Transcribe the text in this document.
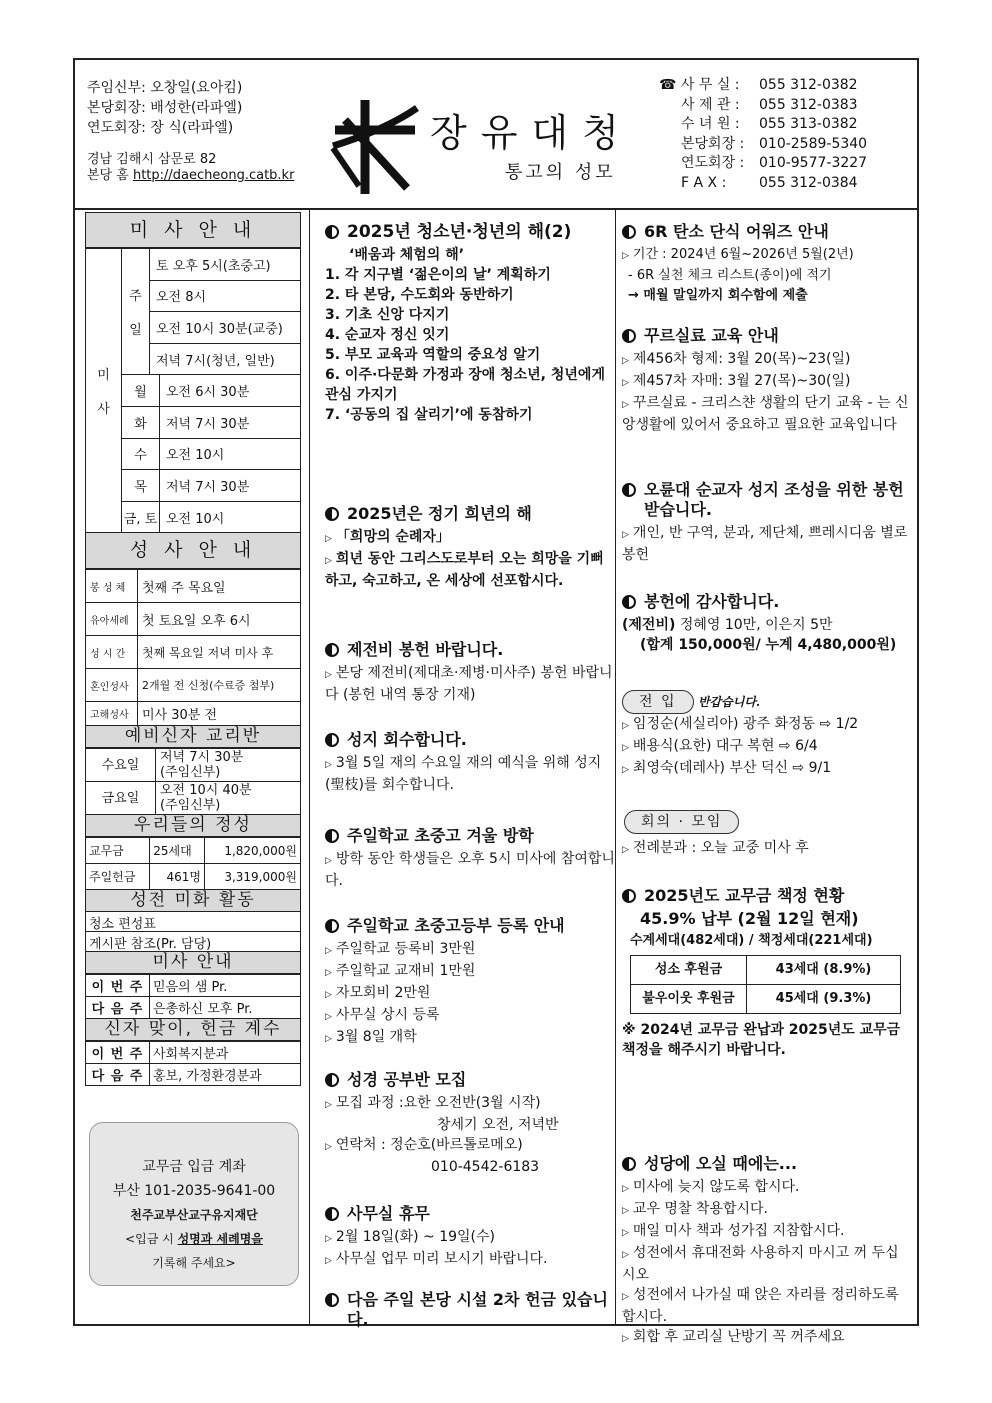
주임신부: 오창일(요아킴)
본당회장: 배성한(라파엘)
연도회장: 장 식(라파엘)
경남 김해시 삼문로 82
본당 홈 http://daecheong.catb.kr
장유대청
통고의 성모
☎ 사 무 실 :	055 312-0382
사 제 관 :	055 312-0383
수 녀 원 :	055 313-0382
본당회장 :	010-2589-5340
연도회장 :	010-9577-3227
F A X :	055 312-0384
미 사 안 내
미

사	주

일	토 오후 5시(초중고)	
		오전 8시	
		오전 10시 30분(교중)	
		저녁 7시(청년, 일반)	
	월		오전 6시 30분
	화		저녁 7시 30분
	수		오전 10시
	목		저녁 7시 30분
	금, 토		오전 10시
성 사 안 내
봉 성 체	첫째 주 목요일
유아세례	첫 토요일 오후 6시
성 시 간	첫째 목요일 저녁 미사 후
혼인성사	2개월 전 신청(수료증 첨부)
고해성사	미사 30분 전
예비신자 교리반
수요일	저녁 7시 30분
(주임신부)
금요일	오전 10시 40분
(주임신부)
우리들의 정성
교무금	25세대	1,820,000원
주일헌금	461명	3,319,000원
성전 미화 활동
청소 편성표
게시판 참조(Pr. 담당)
미사 안내
이 번 주	믿음의 샘 Pr.
다 음 주	은총하신 모후 Pr.
신자 맞이, 헌금 계수
이 번 주	사회복지분과
다 음 주	홍보, 가정환경분과
교무금 입금 계좌
부산 101-2035-9641-00
천주교부산교구유지재단
<입금 시 성명과 세례명을
기록해 주세요>
2025년 청소년·청년의 해(2)
‘배움과 체험의 해’
1. 각 지구별 ‘젊은이의 날’ 계획하기
2. 타 본당, 수도회와 동반하기
3. 기초 신앙 다지기
4. 순교자 정신 잇기
5. 부모 교육과 역할의 중요성 알기
6. 이주·다문화 가정과 장애 청소년, 청년에게 관심 가지기
7. ‘공동의 집 살리기’에 동참하기
2025년은 정기 희년의 해
▷ 「희망의 순례자」
▷ 희년 동안 그리스도로부터 오는 희망을 기뻐하고, 숙고하고, 온 세상에 선포합시다.
제전비 봉헌 바랍니다.
▷ 본당 제전비(제대초·제병·미사주) 봉헌 바랍니다 (봉헌 내역 통장 기재)
성지 회수합니다.
▷ 3월 5일 재의 수요일 재의 예식을 위해 성지(聖枝)를 회수합니다.
주일학교 초중고 겨울 방학
▷ 방학 동안 학생들은 오후 5시 미사에 참여합니다.
주일학교 초중고등부 등록 안내
▷ 주일학교 등록비 3만원
▷ 주일학교 교재비 1만원
▷ 자모회비 2만원
▷ 사무실 상시 등록
▷ 3월 8일 개학
성경 공부반 모집
▷ 모집 과정 :요한 오전반(3월 시작)
창세기 오전, 저녁반
▷ 연락처 : 정순호(바르톨로메오)
010-4542-6183
사무실 휴무
▷ 2월 18일(화) ~ 19일(수)
▷ 사무실 업무 미리 보시기 바랍니다.
다음 주일 본당 시설 2차 헌금 있습니다.
6R 탄소 단식 어워즈 안내
▷ 기간 : 2024년 6월~2026년 5월(2년)
- 6R 실천 체크 리스트(종이)에 적기
→ 매월 말일까지 회수함에 제출
꾸르실료 교육 안내
▷ 제456차 형제: 3월 20(목)~23(일)
▷ 제457차 자매: 3월 27(목)~30(일)
▷ 꾸르실료 - 크리스챤 생활의 단기 교육 - 는 신앙생활에 있어서 중요하고 필요한 교육입니다
오륜대 순교자 성지 조성을 위한 봉헌받습니다.
▷ 개인, 반 구역, 분과, 제단체, 쁘레시디움 별로 봉헌
봉헌에 감사합니다.
(제전비) 정혜영 10만, 이은지 5만
(합계 150,000원/ 누계 4,480,000원)
전 입 반갑습니다.
▷ 임정순(세실리아) 광주 화정동 ⇨ 1/2
▷ 배용식(요한) 대구 복현 ⇨ 6/4
▷ 최영숙(데레사) 부산 덕신 ⇨ 9/1
회의 · 모임
▷ 전례분과 : 오늘 교중 미사 후
2025년도 교무금 책정 현황
45.9% 납부 (2월 12일 현재)
수계세대(482세대) / 책정세대(221세대)
성소 후원금	43세대 (8.9%)
불우이웃 후원금	45세대 (9.3%)
※ 2024년 교무금 완납과 2025년도 교무금 책정을 해주시기 바랍니다.
성당에 오실 때에는...
▷ 미사에 늦지 않도록 합시다.
▷ 교우 명찰 착용합시다.
▷ 매일 미사 책과 성가집 지참합시다.
▷ 성전에서 휴대전화 사용하지 마시고 꺼 두십시오
▷ 성전에서 나가실 때 앉은 자리를 정리하도록 합시다.
▷ 회합 후 교리실 난방기 꼭 꺼주세요
